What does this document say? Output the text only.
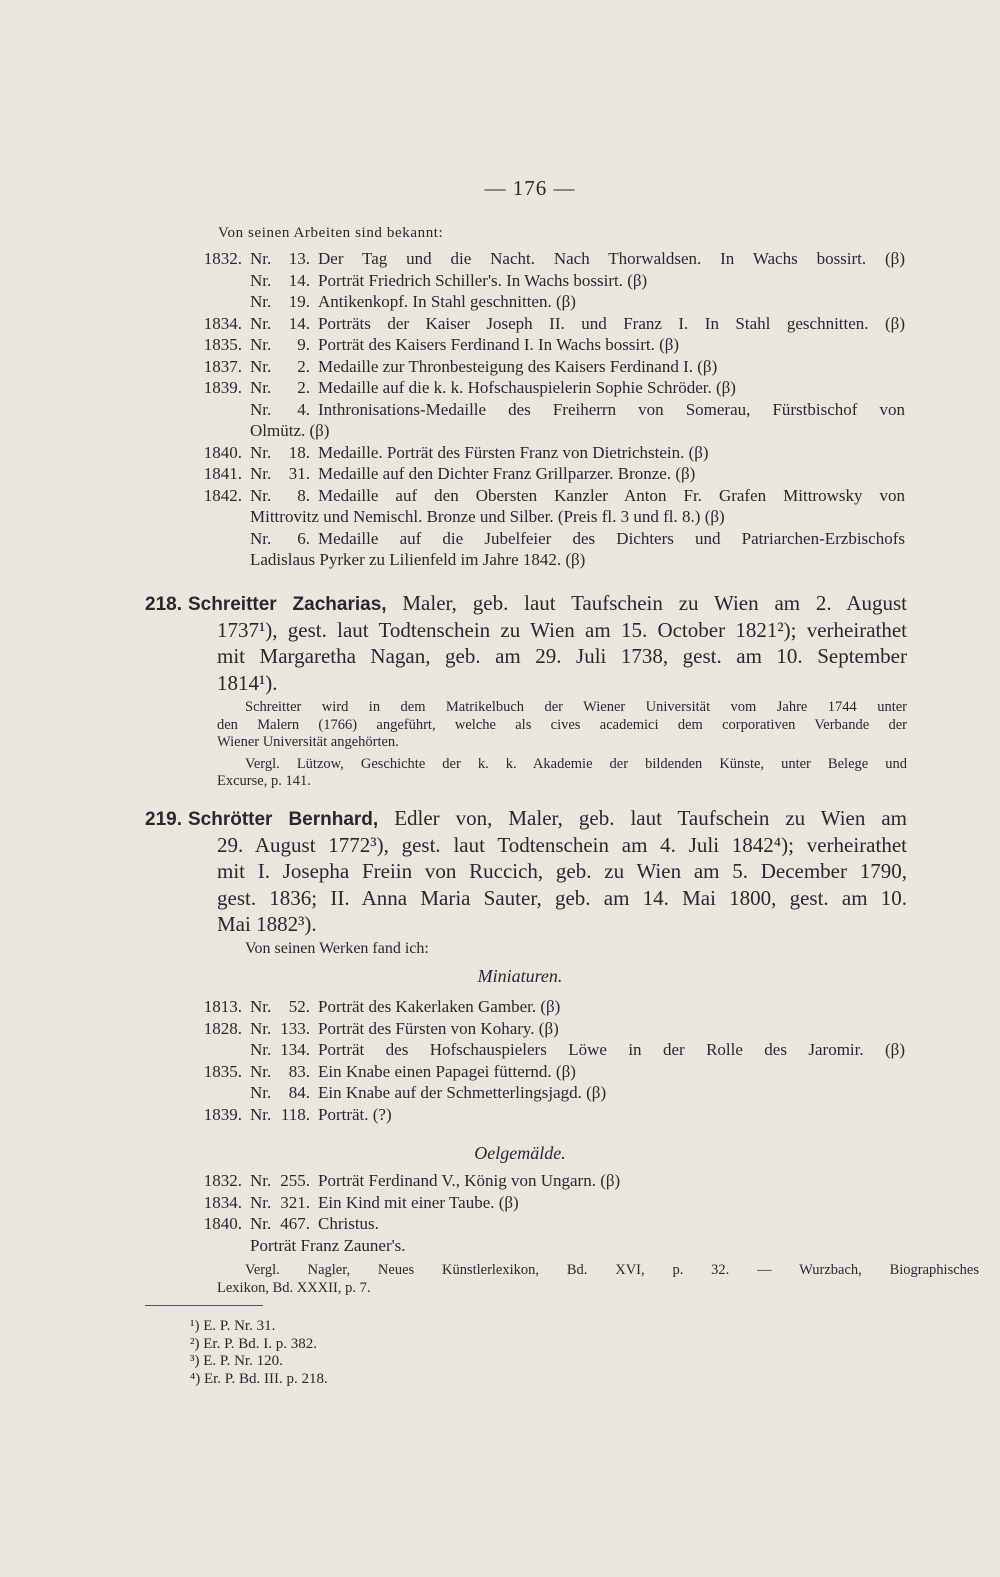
— 176 —
Von seinen Arbeiten sind bekannt:
1832. Nr.	13. Der Tag und die Nacht. Nach Thorwaldsen. In Wachs bossirt. (β)
Nr.	14. Porträt Friedrich Schiller's. In Wachs bossirt. (β)
Nr.	19. Antikenkopf. In Stahl geschnitten. (β)
1834. Nr.	14. Porträts der Kaiser Joseph II. und Franz I. In Stahl geschnitten. (β)
1835. Nr.	9. Porträt des Kaisers Ferdinand I. In Wachs bossirt. (β)
1837. Nr.	2. Medaille zur Thronbesteigung des Kaisers Ferdinand I. (β)
1839. Nr.	2. Medaille auf die k. k. Hofschauspielerin Sophie Schröder. (β)
Nr.	4. Inthronisations-Medaille des Freiherrn von Somerau, Fürstbischof von
Olmütz. (β)
1840. Nr.	18. Medaille. Porträt des Fürsten Franz von Dietrichstein. (β)
1841. Nr.	31. Medaille auf den Dichter Franz Grillparzer. Bronze. (β)
1842. Nr.	8. Medaille auf den Obersten Kanzler Anton Fr. Grafen Mittrowsky von
Mittrovitz und Nemischl. Bronze und Silber. (Preis fl. 3 und fl. 8.) (β)
Nr.	6. Medaille auf die Jubelfeier des Dichters und Patriarchen-Erzbischofs
Ladislaus Pyrker zu Lilienfeld im Jahre 1842. (β)
218. Schreitter Zacharias, Maler, geb. laut Taufschein zu Wien am 2. August
1737¹), gest. laut Todtenschein zu Wien am 15. October 1821²); verheirathet
mit Margaretha Nagan, geb. am 29. Juli 1738, gest. am 10. September
1814¹).
Schreitter wird in dem Matrikelbuch der Wiener Universität vom Jahre 1744 unter
den Malern (1766) angeführt, welche als cives academici dem corporativen Verbande der
Wiener Universität angehörten.
Vergl. Lützow, Geschichte der k. k. Akademie der bildenden Künste, unter Belege und
Excurse, p. 141.
219. Schrötter Bernhard, Edler von, Maler, geb. laut Taufschein zu Wien am
29. August 1772³), gest. laut Todtenschein am 4. Juli 1842⁴); verheirathet
mit I. Josepha Freiin von Ruccich, geb. zu Wien am 5. December 1790,
gest. 1836; II. Anna Maria Sauter, geb. am 14. Mai 1800, gest. am 10.
Mai 1882³).
Von seinen Werken fand ich:
Miniaturen.
1813. Nr.	52. Porträt des Kakerlaken Gamber. (β)
1828. Nr. 133. Porträt des Fürsten von Kohary. (β)
Nr. 134. Porträt des Hofschauspielers Löwe in der Rolle des Jaromir. (β)
1835. Nr.	83. Ein Knabe einen Papagei fütternd. (β)
Nr.	84. Ein Knabe auf der Schmetterlingsjagd. (β)
1839. Nr. 118. Porträt. (?)
Oelgemälde.
1832. Nr. 255. Porträt Ferdinand V., König von Ungarn. (β)
1834. Nr. 321. Ein Kind mit einer Taube. (β)
1840. Nr. 467. Christus.
Porträt Franz Zauner's.
Vergl. Nagler, Neues Künstlerlexikon, Bd. XVI, p. 32. — Wurzbach, Biographisches
Lexikon, Bd. XXXII, p. 7.
¹) E. P. Nr. 31.
²) Er. P. Bd. I. p. 382.
³) E. P. Nr. 120.
⁴) Er. P. Bd. III. p. 218.
